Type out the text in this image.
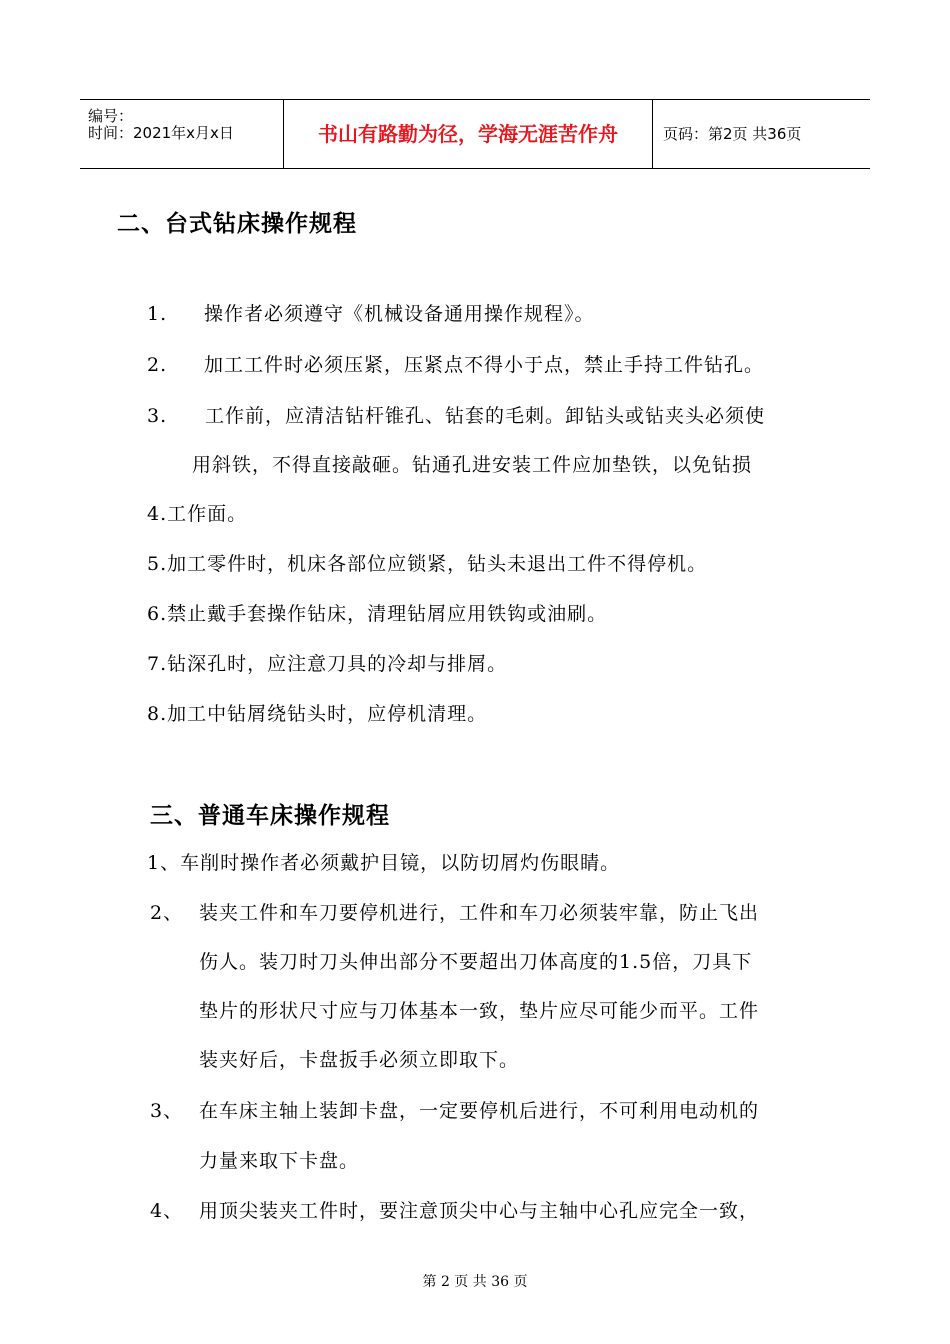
编号：
时间：2021年x月x日	书山有路勤为径，学海无涯苦作舟	页码：第2页 共36页
二、台式钻床操作规程
1. 操作者必须遵守《机械设备通用操作规程》。
2. 加工工件时必须压紧，压紧点不得小于点，禁止手持工件钻孔。
3. 工作前，应清洁钻杆锥孔、钻套的毛刺。卸钻头或钻夹头必须使
用斜铁，不得直接敲砸。钻通孔进安装工件应加垫铁，以免钻损
4.工作面。
5.加工零件时，机床各部位应锁紧，钻头未退出工件不得停机。
6.禁止戴手套操作钻床，清理钻屑应用铁钩或油刷。
7.钻深孔时，应注意刀具的冷却与排屑。
8.加工中钻屑绕钻头时，应停机清理。
三、普通车床操作规程
1、车削时操作者必须戴护目镜，以防切屑灼伤眼睛。
2、 装夹工件和车刀要停机进行，工件和车刀必须装牢靠，防止飞出
伤人。装刀时刀头伸出部分不要超出刀体高度的1.5倍，刀具下
垫片的形状尺寸应与刀体基本一致，垫片应尽可能少而平。工件
装夹好后，卡盘扳手必须立即取下。
3、 在车床主轴上装卸卡盘，一定要停机后进行，不可利用电动机的
力量来取下卡盘。
4、 用顶尖装夹工件时，要注意顶尖中心与主轴中心孔应完全一致，
第 2 页 共 36 页
